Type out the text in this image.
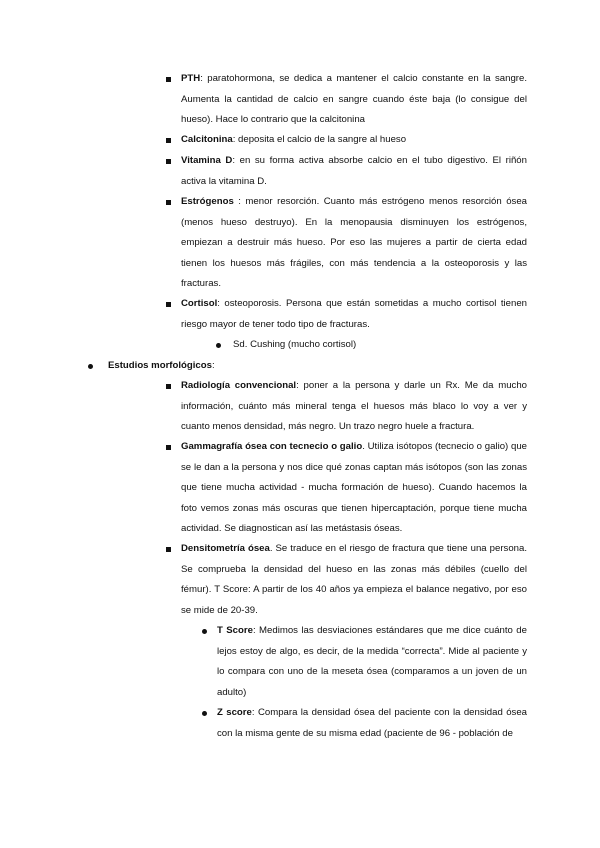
PTH: paratohormona, se dedica a mantener el calcio constante en la sangre. Aumenta la cantidad de calcio en sangre cuando éste baja (lo consigue del hueso). Hace lo contrario que la calcitonina
Calcitonina: deposita el calcio de la sangre al hueso
Vitamina D: en su forma activa absorbe calcio en el tubo digestivo. El riñón activa la vitamina D.
Estrógenos : menor resorción. Cuanto más estrógeno menos resorción ósea (menos hueso destruyo). En la menopausia disminuyen los estrógenos, empiezan a destruir más hueso. Por eso las mujeres a partir de cierta edad tienen los huesos más frágiles, con más tendencia a la osteoporosis y las fracturas.
Cortisol: osteoporosis. Persona que están sometidas a mucho cortisol tienen riesgo mayor de tener todo tipo de fracturas.
Sd. Cushing (mucho cortisol)
Estudios morfológicos:
Radiología convencional: poner a la persona y darle un Rx. Me da mucho información, cuánto más mineral tenga el huesos más blaco lo voy a ver y cuanto menos densidad, más negro. Un trazo negro huele a fractura.
Gammagrafía ósea con tecnecio o galio. Utiliza isótopos (tecnecio o galio) que se le dan a la persona y nos dice qué zonas captan más isótopos (son las zonas que tiene mucha actividad - mucha formación de hueso). Cuando hacemos la foto vemos zonas más oscuras que tienen hipercaptación, porque tiene mucha actividad. Se diagnostican así las metástasis óseas.
Densitometría ósea. Se traduce en el riesgo de fractura que tiene una persona. Se comprueba la densidad del hueso en las zonas más débiles (cuello del fémur). T Score: A partir de los 40 años ya empieza el balance negativo, por eso se mide de 20-39.
T Score: Medimos las desviaciones estándares que me dice cuánto de lejos estoy de algo, es decir, de la medida “correcta”. Mide al paciente y lo compara con uno de la meseta ósea (comparamos a un joven de un adulto)
Z score: Compara la densidad ósea del paciente con la densidad ósea con la misma gente de su misma edad (paciente de 96 - población de
